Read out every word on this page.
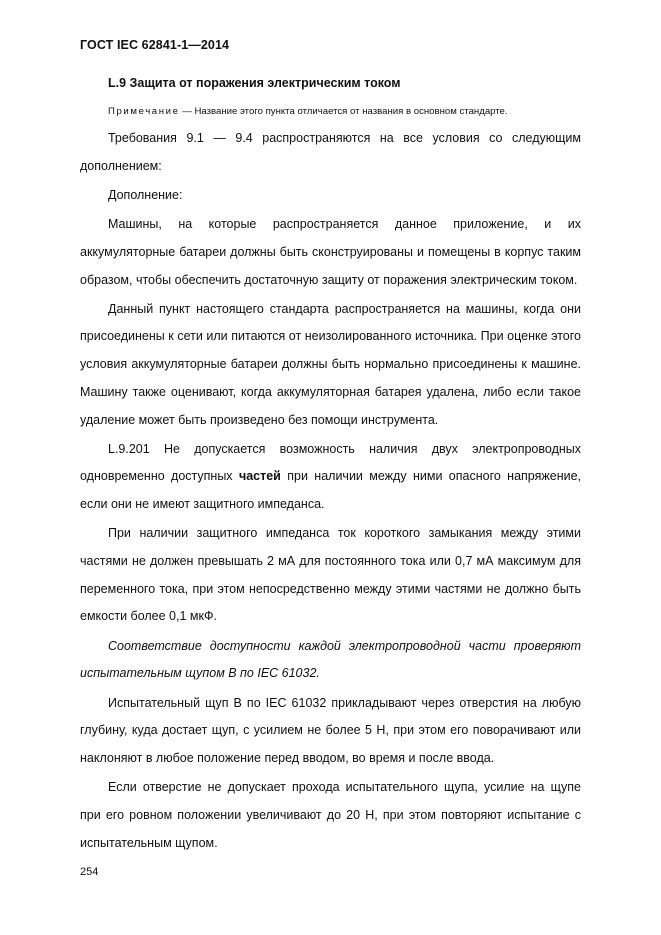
ГОСТ IEC 62841-1—2014
L.9 Защита от поражения электрическим током
Примечание — Название этого пункта отличается от названия в основном стандарте.

Требования 9.1 — 9.4 распространяются на все условия со следующим дополнением:

Дополнение:

Машины, на которые распространяется данное приложение, и их аккумуляторные батареи должны быть сконструированы и помещены в корпус таким образом, чтобы обеспечить достаточную защиту от поражения электрическим током.

Данный пункт настоящего стандарта распространяется на машины, когда они присоединены к сети или питаются от неизолированного источника. При оценке этого условия аккумуляторные батареи должны быть нормально присоединены к машине. Машину также оценивают, когда аккумуляторная батарея удалена, либо если такое удаление может быть произведено без помощи инструмента.

L.9.201 Не допускается возможность наличия двух электропроводных одновременно доступных частей при наличии между ними опасного напряжение, если они не имеют защитного импеданса.

При наличии защитного импеданса ток короткого замыкания между этими частями не должен превышать 2 мА для постоянного тока или 0,7 мА максимум для переменного тока, при этом непосредственно между этими частями не должно быть емкости более 0,1 мкФ.

Соответствие доступности каждой электропроводной части проверяют испытательным щупом В по IEC 61032.

Испытательный щуп В по IEC 61032 прикладывают через отверстия на любую глубину, куда достает щуп, с усилием не более 5 Н, при этом его поворачивают или наклоняют в любое положение перед вводом, во время и после ввода.

Если отверстие не допускает прохода испытательного щупа, усилие на щупе при его ровном положении увеличивают до 20 Н, при этом повторяют испытание с испытательным щупом.

254
